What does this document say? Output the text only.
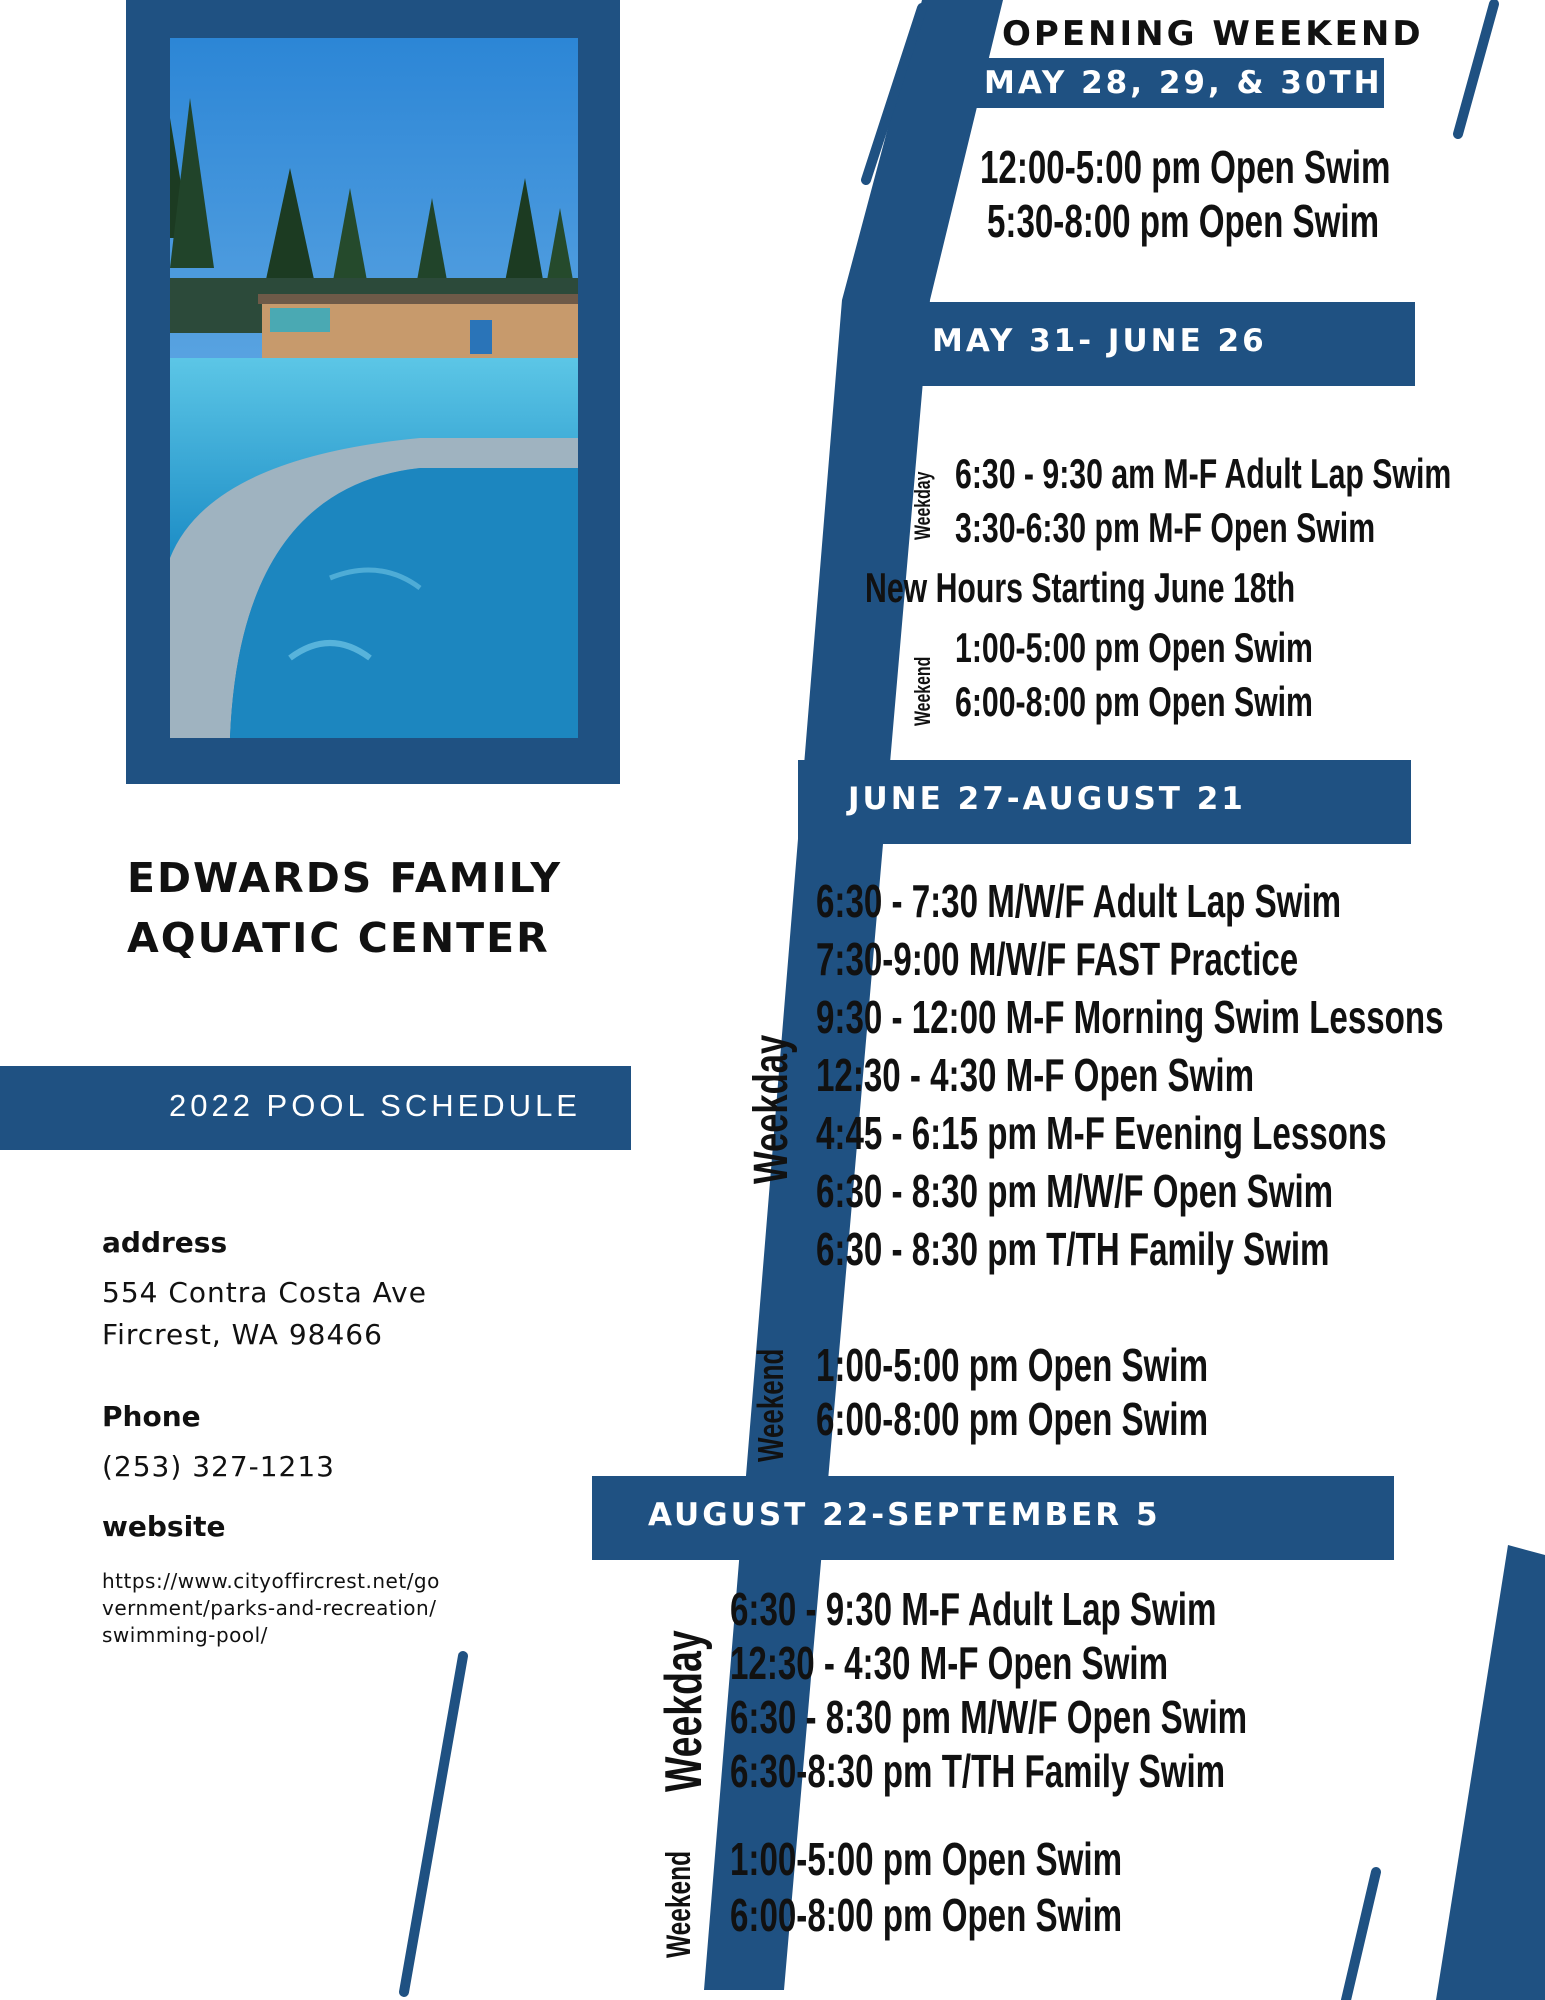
EDWARDS FAMILY
AQUATIC CENTER
2022 POOL SCHEDULE
address
554 Contra Costa Ave
Fircrest, WA 98466
Phone
(253) 327-1213
website
https://www.cityoffircrest.net/government/parks-and-recreation/swimming-pool/
OPENING WEEKEND
MAY 28, 29, & 30TH
12:00-5:00 pm Open Swim
5:30-8:00 pm Open Swim
MAY 31- JUNE 26
Weekday 6:30 - 9:30 am M-F Adult Lap Swim
3:30-6:30 pm M-F Open Swim
New Hours Starting June 18th
Weekend
1:00-5:00 pm Open Swim
6:00-8:00 pm Open Swim
JUNE 27-AUGUST 21
Weekday
6:30 - 7:30 M/W/F Adult Lap Swim
7:30-9:00 M/W/F FAST Practice
9:30 - 12:00 M-F Morning Swim Lessons
12:30 - 4:30 M-F Open Swim
4:45 - 6:15 pm M-F Evening Lessons
6:30 - 8:30 pm M/W/F Open Swim
6:30 - 8:30 pm T/TH Family Swim
Weekend 1:00-5:00 pm Open Swim
6:00-8:00 pm Open Swim
AUGUST 22-SEPTEMBER 5
Weekday
6:30 - 9:30 M-F Adult Lap Swim
12:30 - 4:30 M-F Open Swim
6:30 - 8:30 pm M/W/F Open Swim
6:30-8:30 pm T/TH Family Swim
Weekend 1:00-5:00 pm Open Swim
6:00-8:00 pm Open Swim
